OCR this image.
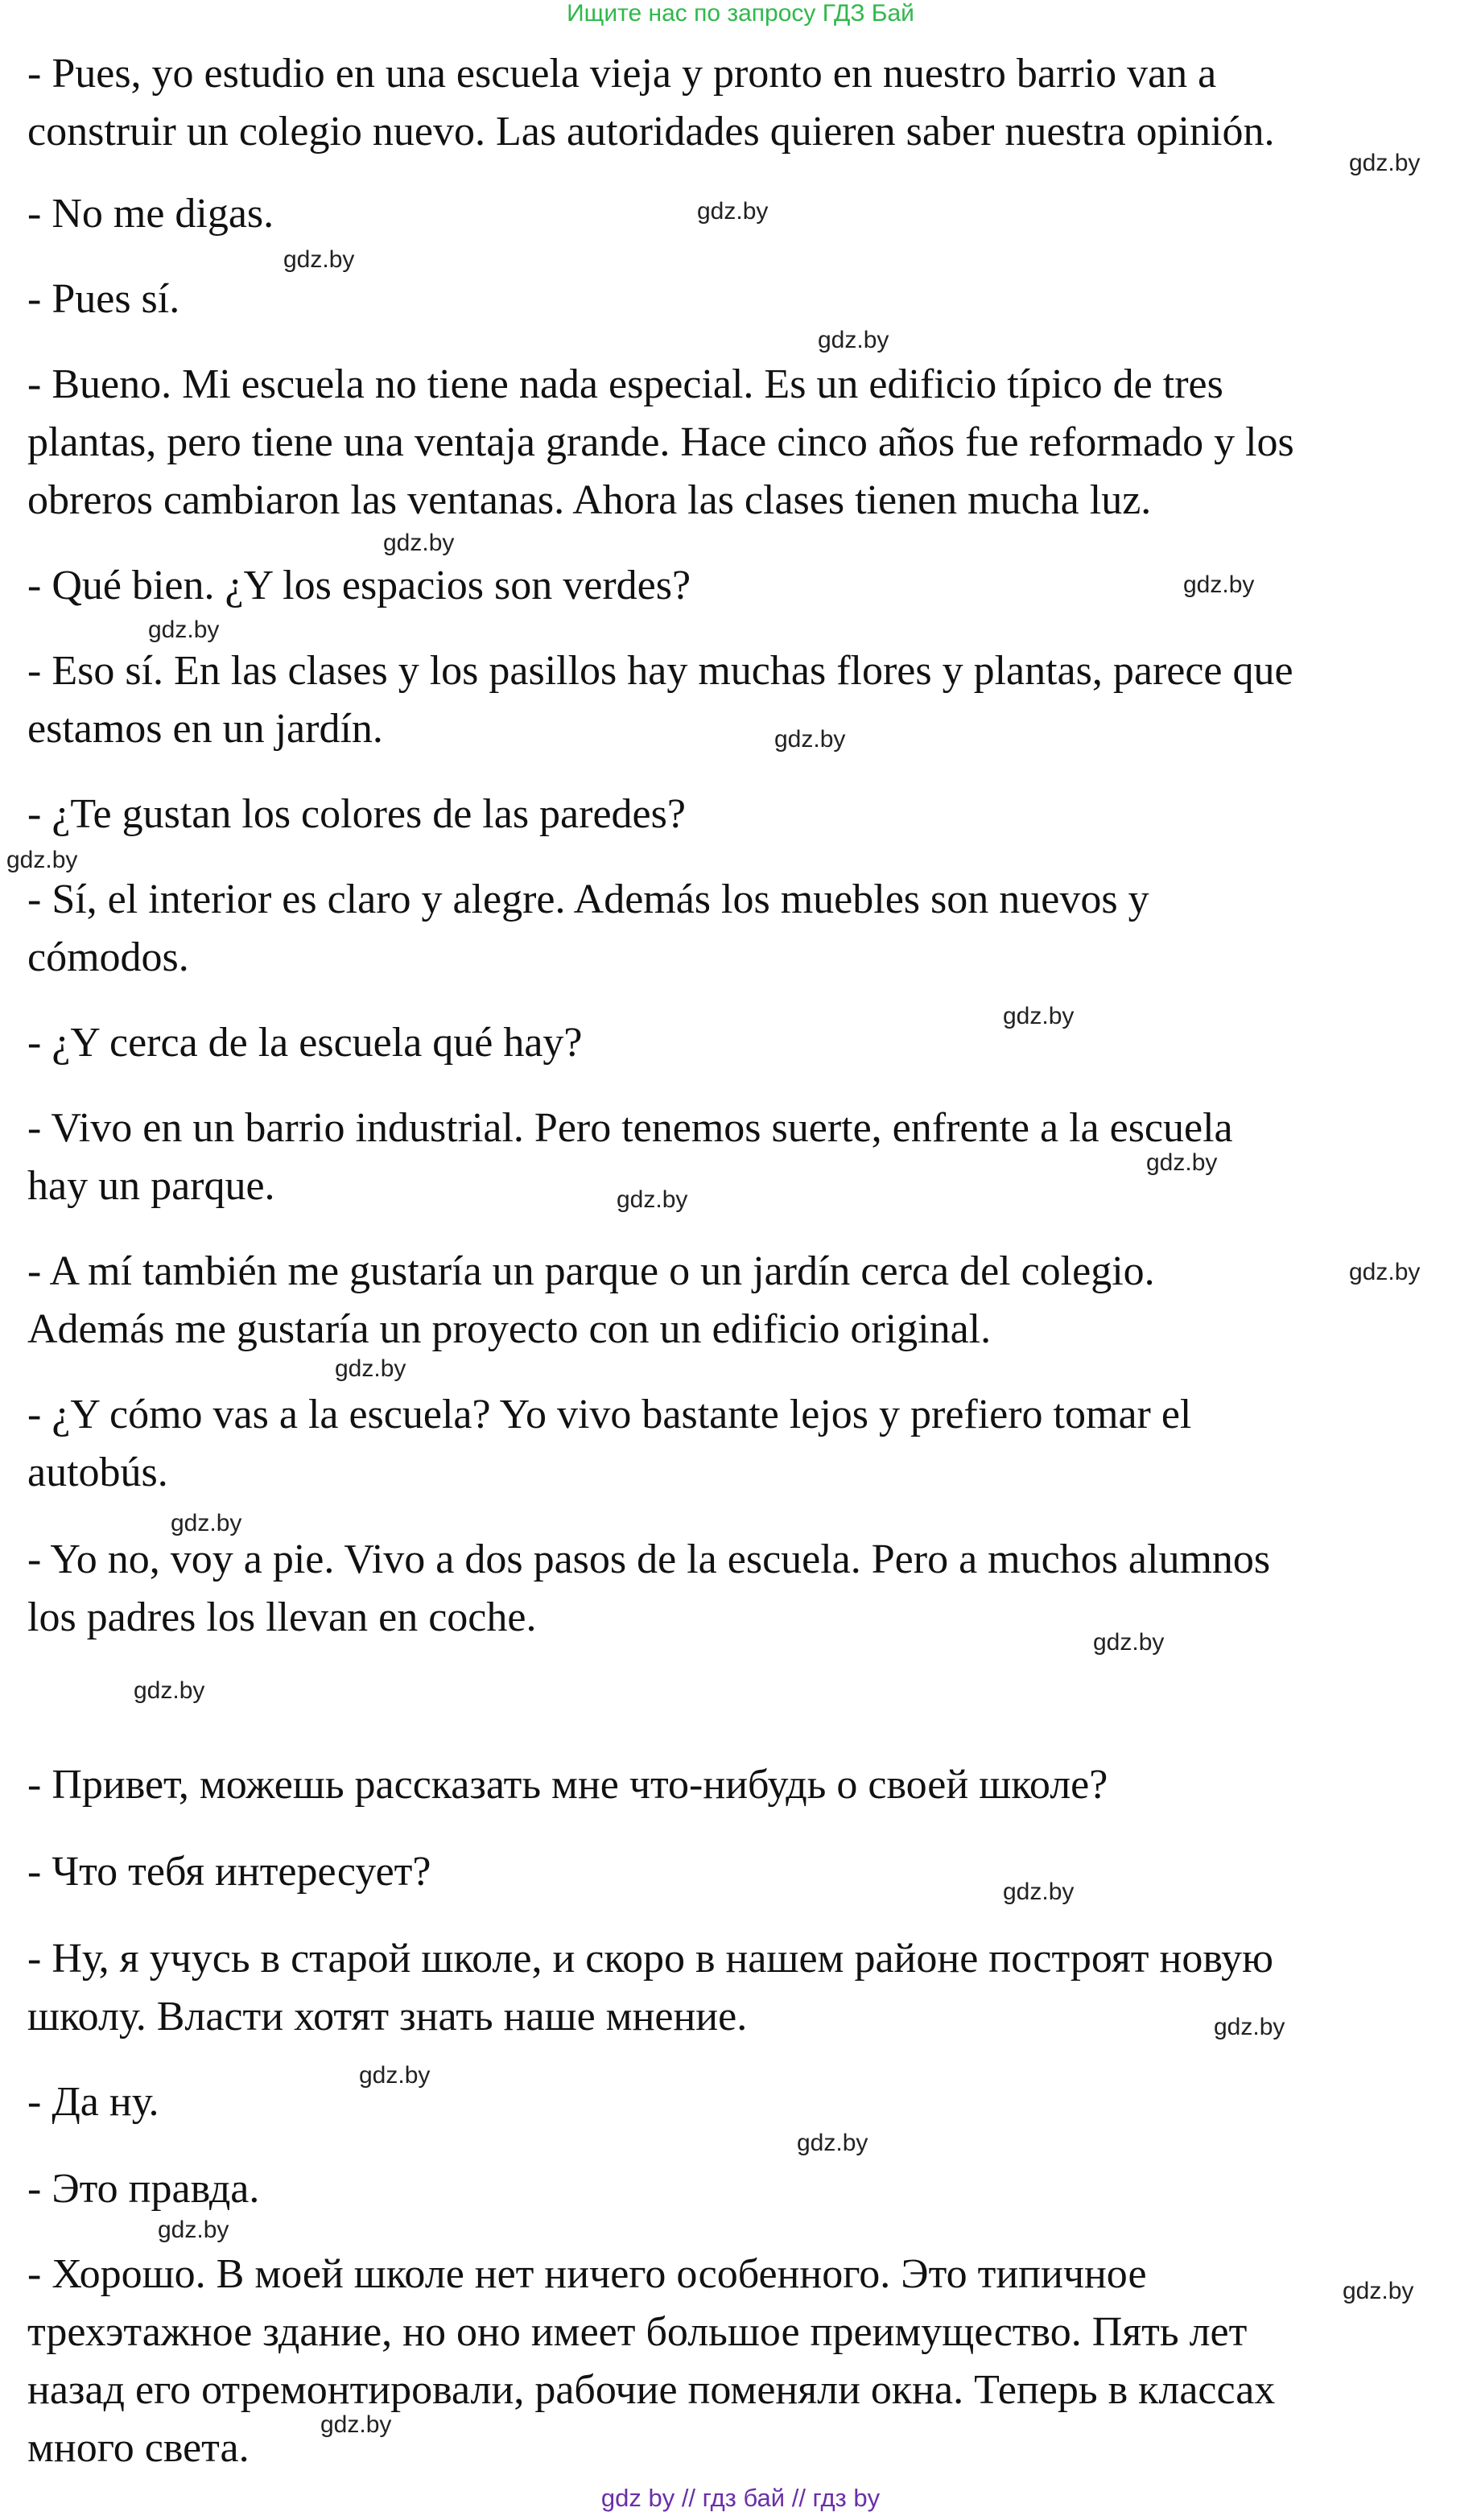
Ищите нас по запросу ГДЗ Бай

- Pues, yo estudio en una escuela vieja y pronto en nuestro barrio van a

construir un colegio nuevo. Las autoridades quieren saber nuestra opinión.

- No me digas.

- Pues sí.

- Bueno. Mi escuela no tiene nada especial. Es un edificio típico de tres

plantas, pero tiene una ventaja grande. Hace cinco años fue reformado y los

obreros cambiaron las ventanas. Ahora las clases tienen mucha luz.

- Qué bien. ¿Y los espacios son verdes?

- Eso sí. En las clases y los pasillos hay muchas flores y plantas, parece que

estamos en un jardín.

- ¿Te gustan los colores de las paredes?

- Sí, el interior es claro y alegre. Además los muebles son nuevos y

cómodos.

- ¿Y cerca de la escuela qué hay?

- Vivo en un barrio industrial. Pero tenemos suerte, enfrente a la escuela

hay un parque.

- A mí también me gustaría un parque o un jardín cerca del colegio.

Además me gustaría un proyecto con un edificio original.

- ¿Y cómo vas a la escuela? Yo vivo bastante lejos y prefiero tomar el

autobús.

- Yo no, voy a pie. Vivo a dos pasos de la escuela. Pero a muchos alumnos

los padres los llevan en coche.

- Привет, можешь рассказать мне что-нибудь о своей школе?

- Что тебя интересует?

- Ну, я учусь в старой школе, и скоро в нашем районе построят новую

школу. Власти хотят знать наше мнение.

- Да ну.

- Это правда.

- Хорошо. В моей школе нет ничего особенного. Это типичное

трехэтажное здание, но оно имеет большое преимущество. Пять лет

назад его отремонтировали, рабочие поменяли окна. Теперь в классах

много света.

gdz.by
gdz.by
gdz.by
gdz.by
gdz.by
gdz.by
gdz.by
gdz.by
gdz.by
gdz.by
gdz.by
gdz.by
gdz.by
gdz.by
gdz.by
gdz.by
gdz.by
gdz.by
gdz.by
gdz.by
gdz.by
gdz.by
gdz.by
gdz.by
gdz by // гдз бай // гдз by
